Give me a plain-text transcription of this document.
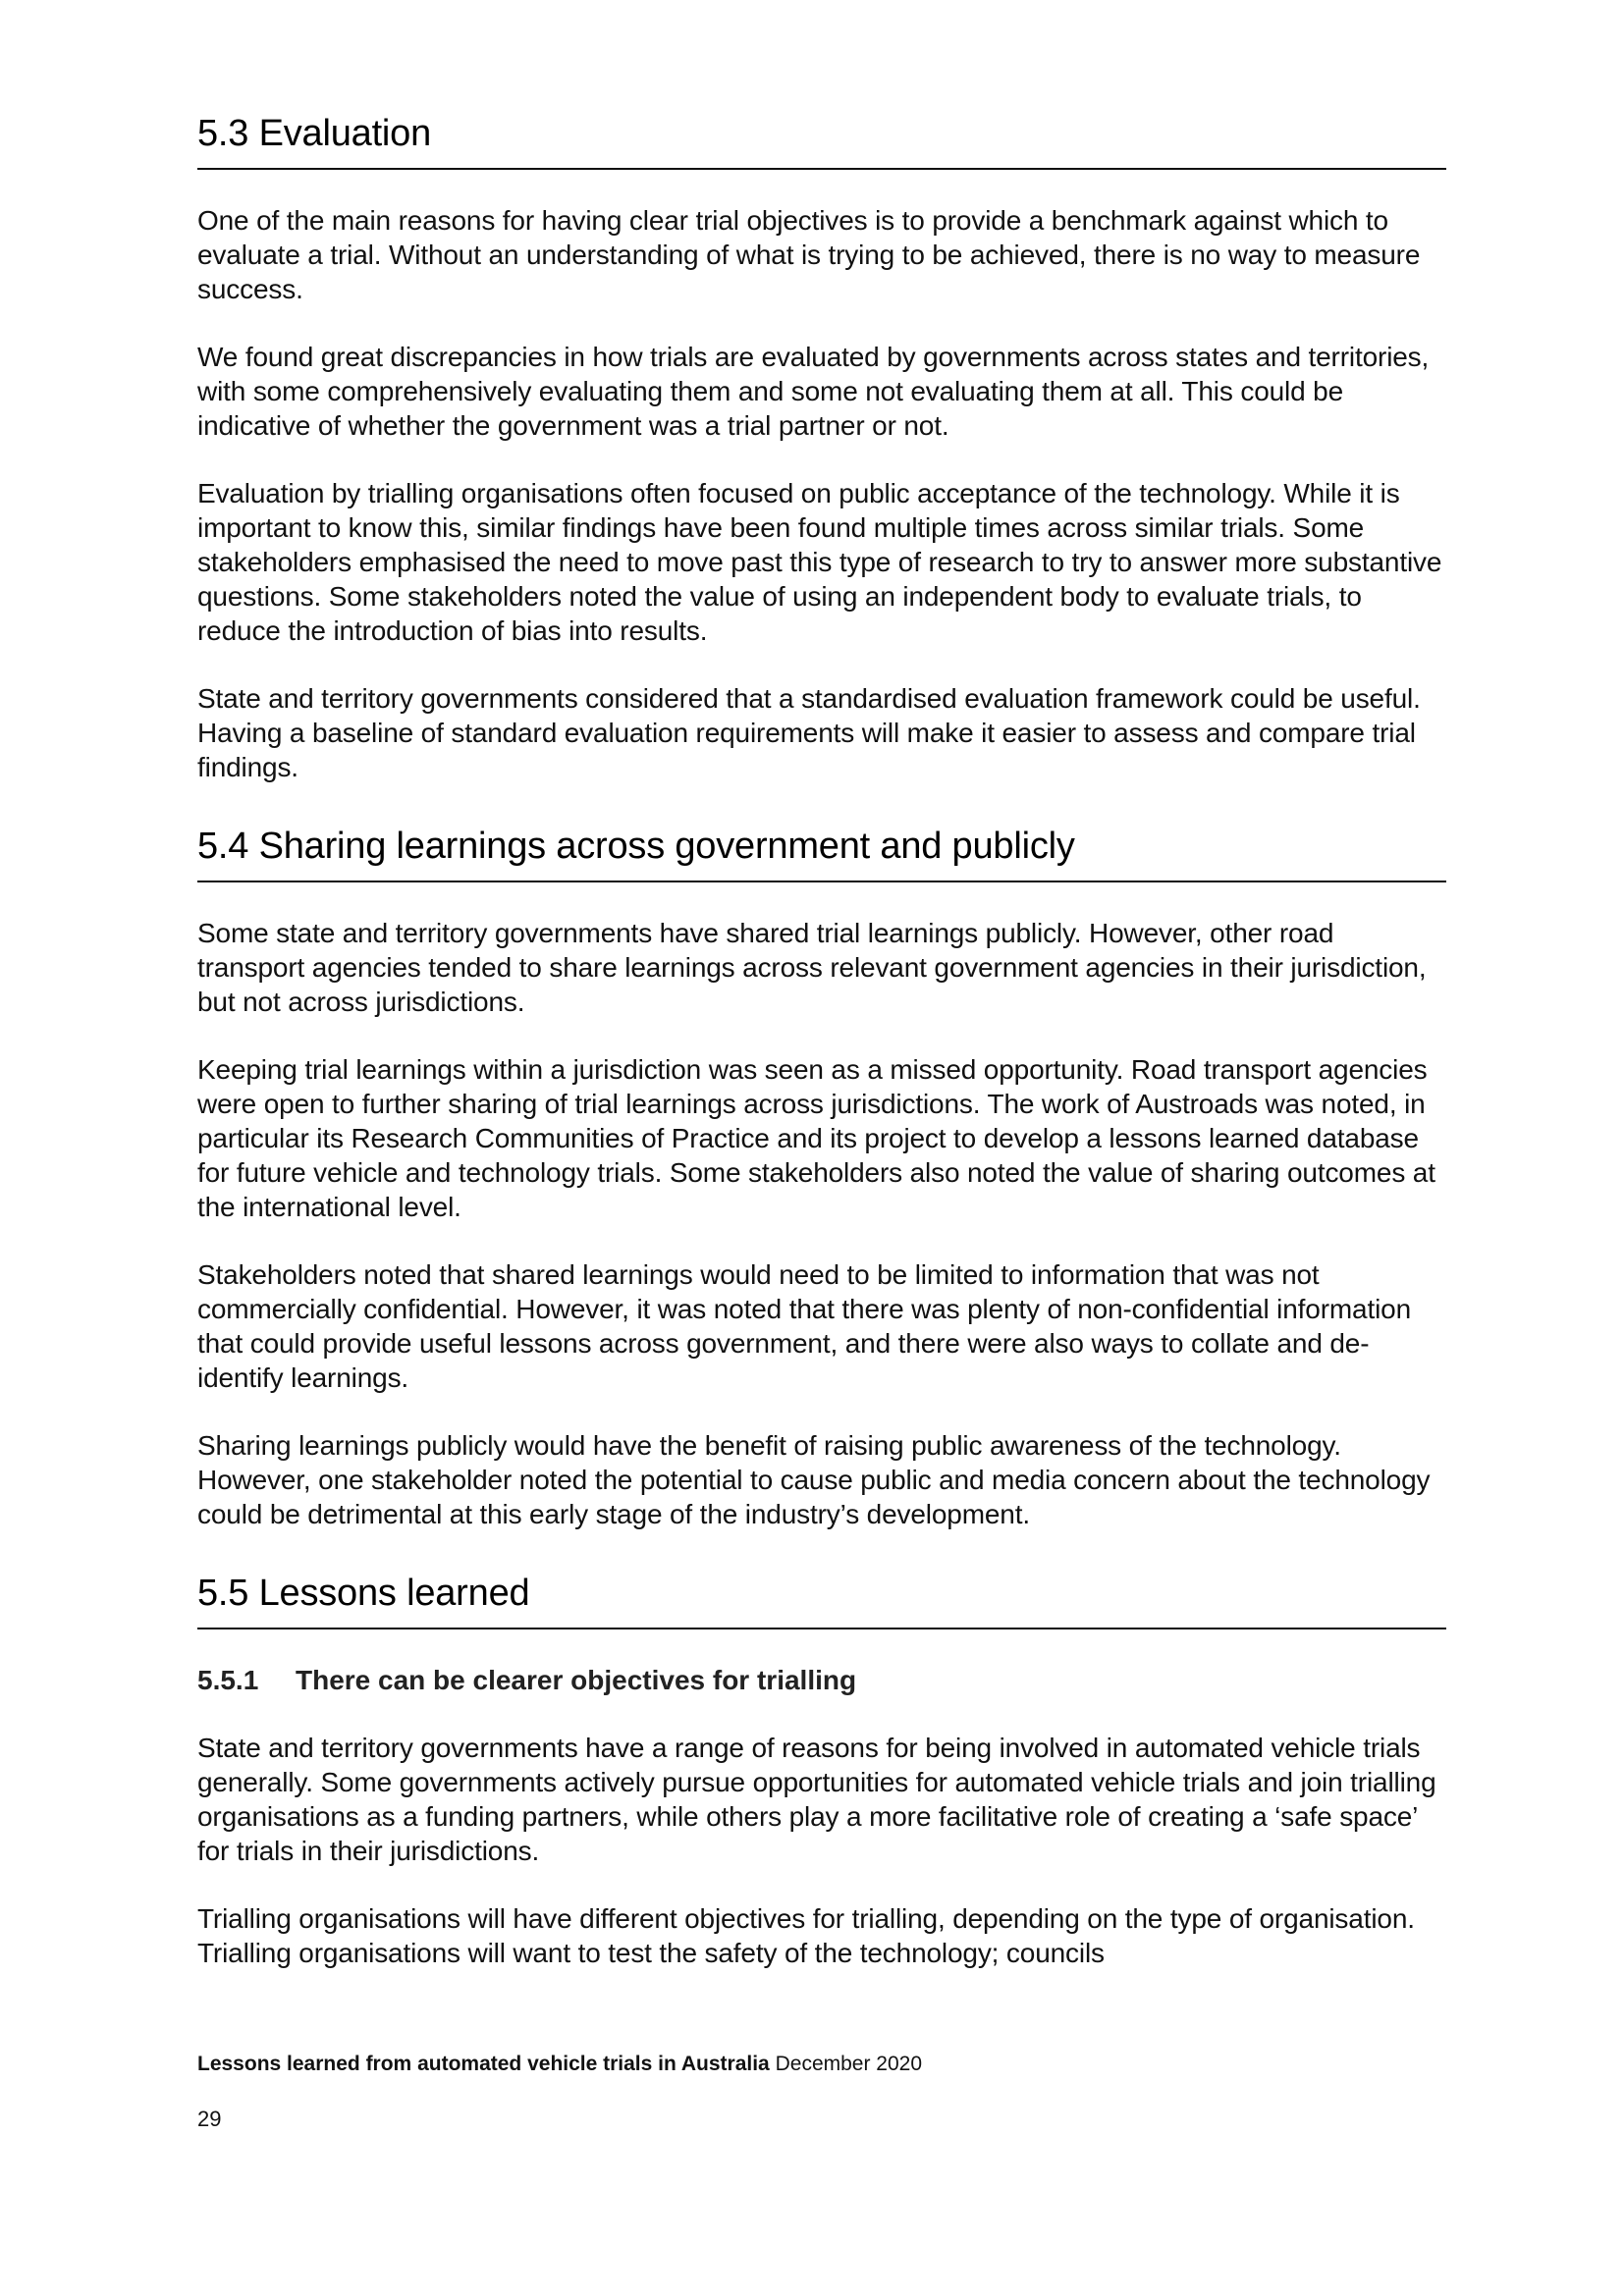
5.3 Evaluation

One of the main reasons for having clear trial objectives is to provide a benchmark against which to evaluate a trial. Without an understanding of what is trying to be achieved, there is no way to measure success.

We found great discrepancies in how trials are evaluated by governments across states and territories, with some comprehensively evaluating them and some not evaluating them at all. This could be indicative of whether the government was a trial partner or not.

Evaluation by trialling organisations often focused on public acceptance of the technology. While it is important to know this, similar findings have been found multiple times across similar trials. Some stakeholders emphasised the need to move past this type of research to try to answer more substantive questions. Some stakeholders noted the value of using an independent body to evaluate trials, to reduce the introduction of bias into results.

State and territory governments considered that a standardised evaluation framework could be useful. Having a baseline of standard evaluation requirements will make it easier to assess and compare trial findings.

5.4 Sharing learnings across government and publicly

Some state and territory governments have shared trial learnings publicly. However, other road transport agencies tended to share learnings across relevant government agencies in their jurisdiction, but not across jurisdictions.

Keeping trial learnings within a jurisdiction was seen as a missed opportunity. Road transport agencies were open to further sharing of trial learnings across jurisdictions. The work of Austroads was noted, in particular its Research Communities of Practice and its project to develop a lessons learned database for future vehicle and technology trials. Some stakeholders also noted the value of sharing outcomes at the international level.

Stakeholders noted that shared learnings would need to be limited to information that was not commercially confidential. However, it was noted that there was plenty of non-confidential information that could provide useful lessons across government, and there were also ways to collate and de-identify learnings.

Sharing learnings publicly would have the benefit of raising public awareness of the technology. However, one stakeholder noted the potential to cause public and media concern about the technology could be detrimental at this early stage of the industry’s development.

5.5 Lessons learned
5.5.1 There can be clearer objectives for trialling

State and territory governments have a range of reasons for being involved in automated vehicle trials generally. Some governments actively pursue opportunities for automated vehicle trials and join trialling organisations as a funding partners, while others play a more facilitative role of creating a ‘safe space’ for trials in their jurisdictions.

Trialling organisations will have different objectives for trialling, depending on the type of organisation. Trialling organisations will want to test the safety of the technology; councils

Lessons learned from automated vehicle trials in Australia December 2020
29
